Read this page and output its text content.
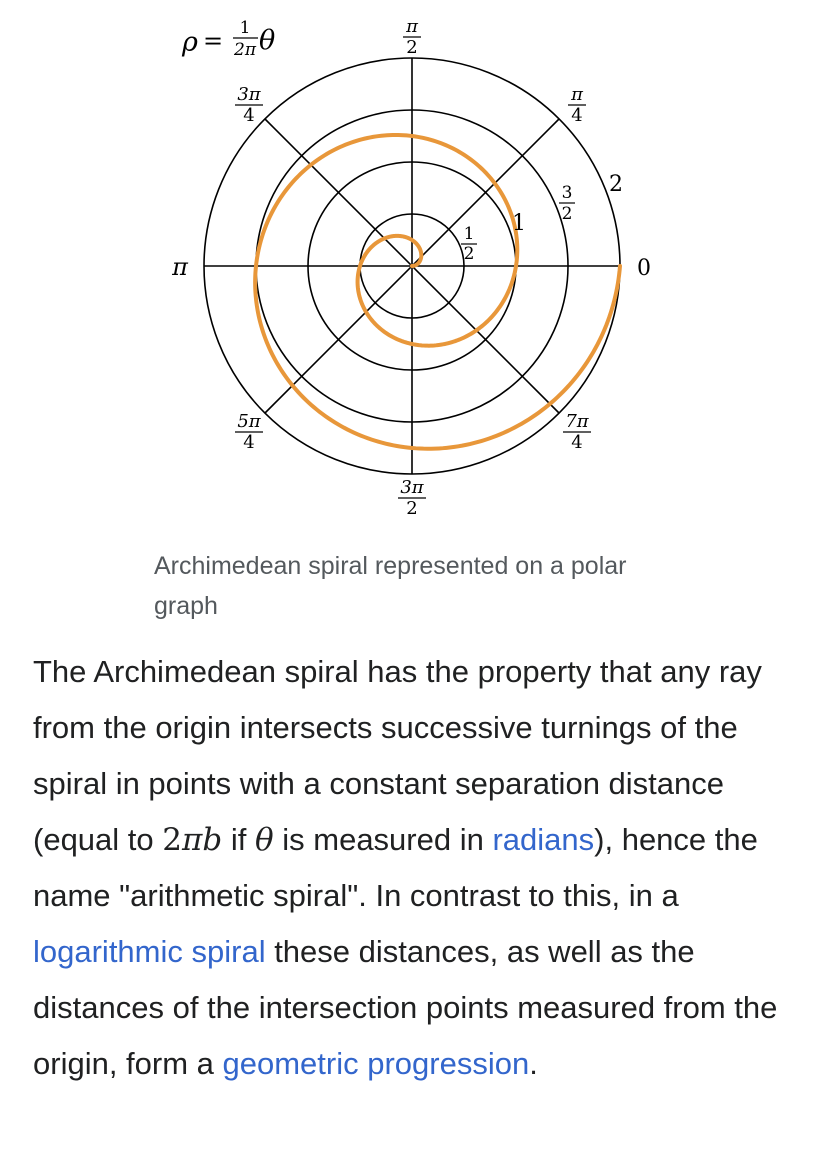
ρ = 1
2π θ	π
2
π
4
3π
4
π	0
5π
4
7π
4
3π
2
1
2
1
3
2
2
Archimedean spiral represented on a polar graph
The Archimedean spiral has the property that any ray from the origin intersects successive turnings of the spiral in points with a constant separation distance (equal to 2πb if θ is measured in radians), hence the name "arithmetic spiral". In contrast to this, in a logarithmic spiral these distances, as well as the distances of the intersection points measured from the origin, form a geometric progression.
